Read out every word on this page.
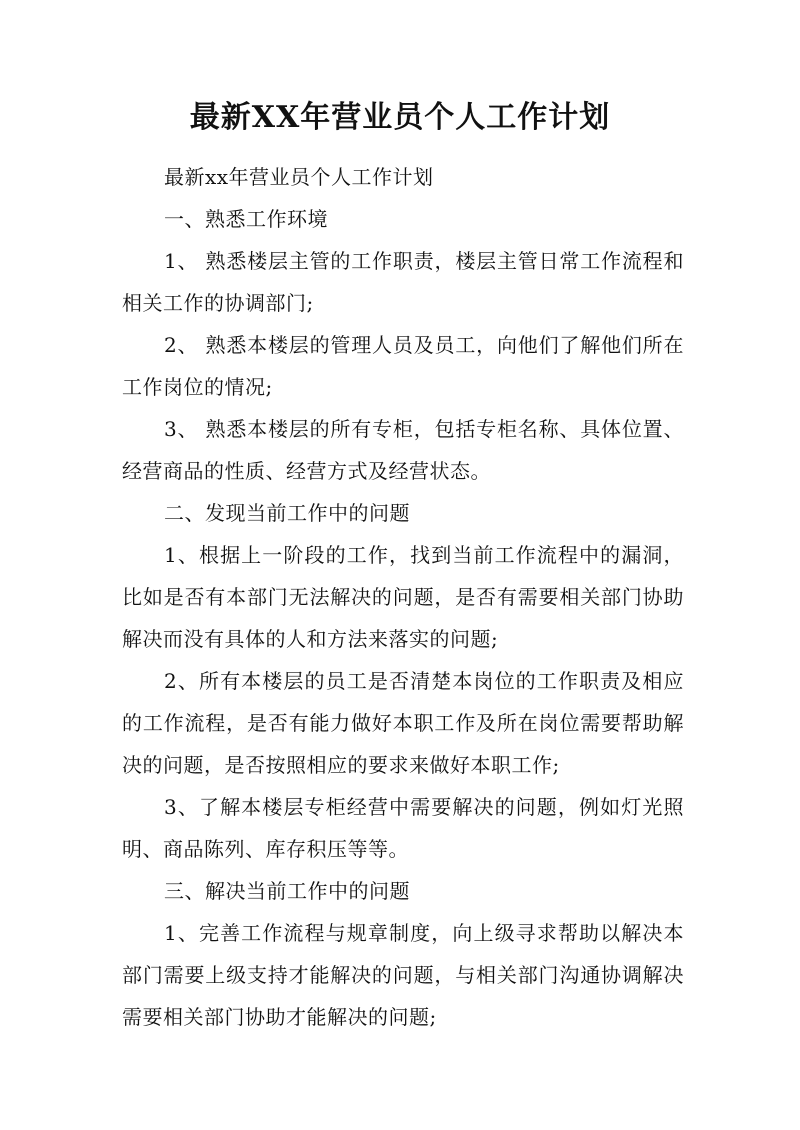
最新XX年营业员个人工作计划

最新xx年营业员个人工作计划

一、熟悉工作环境

1、 熟悉楼层主管的工作职责，楼层主管日常工作流程和相关工作的协调部门;

2、 熟悉本楼层的管理人员及员工，向他们了解他们所在工作岗位的情况;

3、 熟悉本楼层的所有专柜，包括专柜名称、具体位置、经营商品的性质、经营方式及经营状态。

二、发现当前工作中的问题

1、根据上一阶段的工作，找到当前工作流程中的漏洞，比如是否有本部门无法解决的问题，是否有需要相关部门协助解决而没有具体的人和方法来落实的问题;

2、所有本楼层的员工是否清楚本岗位的工作职责及相应的工作流程，是否有能力做好本职工作及所在岗位需要帮助解决的问题，是否按照相应的要求来做好本职工作;

3、了解本楼层专柜经营中需要解决的问题，例如灯光照明、商品陈列、库存积压等等。

三、解决当前工作中的问题

1、完善工作流程与规章制度，向上级寻求帮助以解决本部门需要上级支持才能解决的问题，与相关部门沟通协调解决需要相关部门协助才能解决的问题;
